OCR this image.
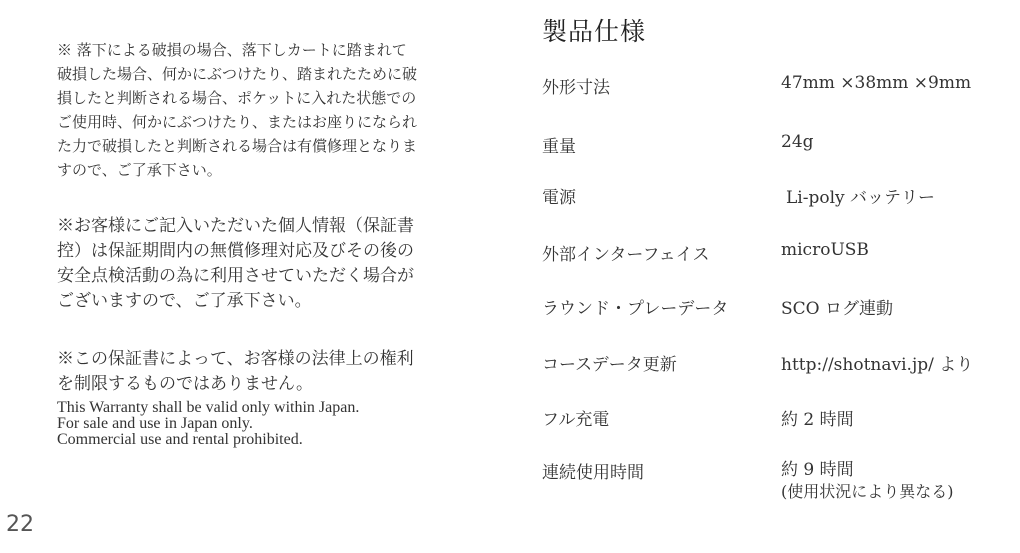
※ 落下による破損の場合、落下しカートに踏まれて
破損した場合、何かにぶつけたり、踏まれたために破
損したと判断される場合、ポケットに入れた状態での
ご使用時、何かにぶつけたり、またはお座りになられ
た力で破損したと判断される場合は有償修理となりま
すので、ご了承下さい。

※お客様にご記入いただいた個人情報（保証書
控）は保証期間内の無償修理対応及びその後の
安全点検活動の為に利用させていただく場合が
ございますので、ご了承下さい。

※この保証書によって、お客様の法律上の権利
を制限するものではありません。

This Warranty shall be valid only within Japan.
For sale and use in Japan only.
Commercial use and rental prohibited.
22
製品仕様
外形寸法	47mm ×38mm ×9mm
重量	24g
電源	Li-poly バッテリー
外部インターフェイス	microUSB
ラウンド・プレーデータ	SCO ログ連動
コースデータ更新	http://shotnavi.jp/ より
フル充電	約 2 時間
連続使用時間	約 9 時間
(使用状況により異なる)
